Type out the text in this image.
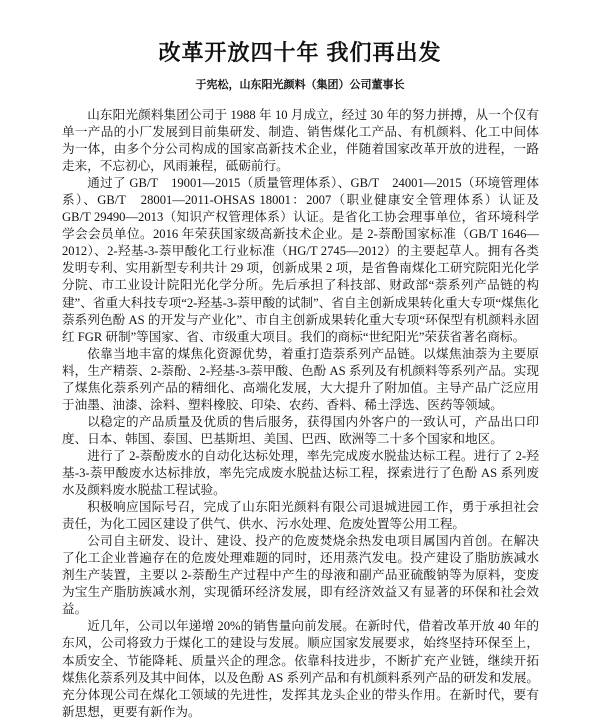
改革开放四十年 我们再出发
于宪松，山东阳光颜料（集团）公司董事长

山东阳光颜料集团公司于 1988 年 10 月成立，经过 30 年的努力拼搏，从一个仅有单一产品的小厂发展到目前集研发、制造、销售煤化工产品、有机颜料、化工中间体为一体，由多个分公司构成的国家高新技术企业，伴随着国家改革开放的进程，一路走来，不忘初心，风雨兼程，砥砺前行。

通过了 GB/T　19001—2015（质量管理体系）、GB/T　24001—2015（环境管理体系）、GB/T　28001—2011-OHSAS 18001：2007（职业健康安全管理体系）认证及 GB/T 29490—2013（知识产权管理体系）认证。是省化工协会理事单位，省环境科学学会会员单位。2016 年荣获国家级高新技术企业。是 2-萘酚国家标准（GB/T 1646—2012）、2-羟基-3-萘甲酸化工行业标准（HG/T 2745—2012）的主要起草人。拥有各类发明专利、实用新型专利共计 29 项，创新成果 2 项，是省鲁南煤化工研究院阳光化学分院、市工业设计院阳光化学分所。先后承担了科技部、财政部“萘系列产品链的构建”、省重大科技专项“2-羟基-3-萘甲酸的试制”、省自主创新成果转化重大专项“煤焦化萘系列色酚 AS 的开发与产业化”、市自主创新成果转化重大专项“环保型有机颜料永固红 FGR 研制”等国家、省、市级重大项目。我们的商标“世纪阳光”荣获省著名商标。

依靠当地丰富的煤焦化资源优势，着重打造萘系列产品链。以煤焦油萘为主要原料，生产精萘、2-萘酚、2-羟基-3-萘甲酸、色酚 AS 系列及有机颜料等系列产品。实现了煤焦化萘系列产品的精细化、高端化发展，大大提升了附加值。主导产品广泛应用于油墨、油漆、涂料、塑料橡胶、印染、农药、香料、稀土浮选、医药等领域。

以稳定的产品质量及优质的售后服务，获得国内外客户的一致认可，产品出口印度、日本、韩国、泰国、巴基斯坦、美国、巴西、欧洲等二十多个国家和地区。

进行了 2-萘酚废水的自动化达标处理，率先完成废水脱盐达标工程。进行了 2-羟基-3-萘甲酸废水达标排放，率先完成废水脱盐达标工程，探索进行了色酚 AS 系列废水及颜料废水脱盐工程试验。

积极响应国际号召，完成了山东阳光颜料有限公司退城进园工作，勇于承担社会责任，为化工园区建设了供气、供水、污水处理、危废处置等公用工程。

公司自主研发、设计、建设、投产的危废焚烧余热发电项目属国内首创。在解决了化工企业普遍存在的危废处理难题的同时，还用蒸汽发电。投产建设了脂肪族减水剂生产装置，主要以 2-萘酚生产过程中产生的母液和副产品亚硫酸钠等为原料，变废为宝生产脂肪族减水剂，实现循环经济发展，即有经济效益又有显著的环保和社会效益。

近几年，公司以年递增 20%的销售量向前发展。在新时代，借着改革开放 40 年的东风，公司将致力于煤化工的建设与发展。顺应国家发展要求，始终坚持环保至上，本质安全、节能降耗、质量兴企的理念。依靠科技进步，不断扩充产业链，继续开拓煤焦化萘系列及其中间体，以及色酚 AS 系列产品和有机颜料系列产品的研发和发展。充分体现公司在煤化工领域的先进性，发挥其龙头企业的带头作用。在新时代，要有新思想，更要有新作为。
